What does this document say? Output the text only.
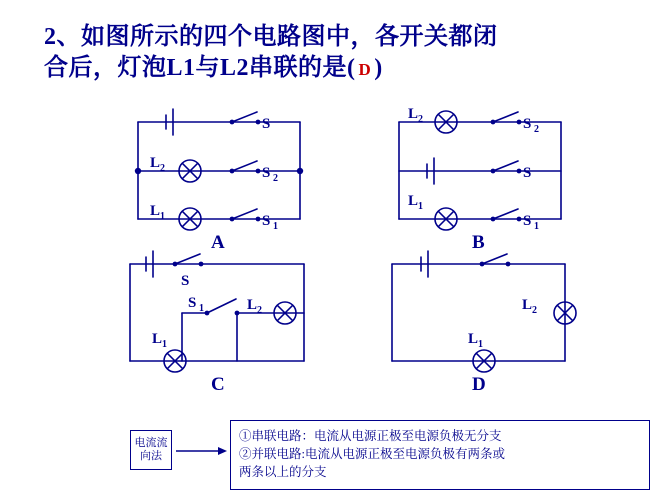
2、如图所示的四个电路图中，各开关都闭
合后，灯泡L1与L2串联的是( D )
S
L 2	S 2
L 1	S 1
A
L 2	S 2
S
L 1
S 1
B
S
S 1	L 2
L 1
C
L 2
L 1
D
电流流
向法
①串联电路：电流从电源正极至电源负极无分支
②并联电路:电流从电源正极至电源负极有两条或
两条以上的分支
